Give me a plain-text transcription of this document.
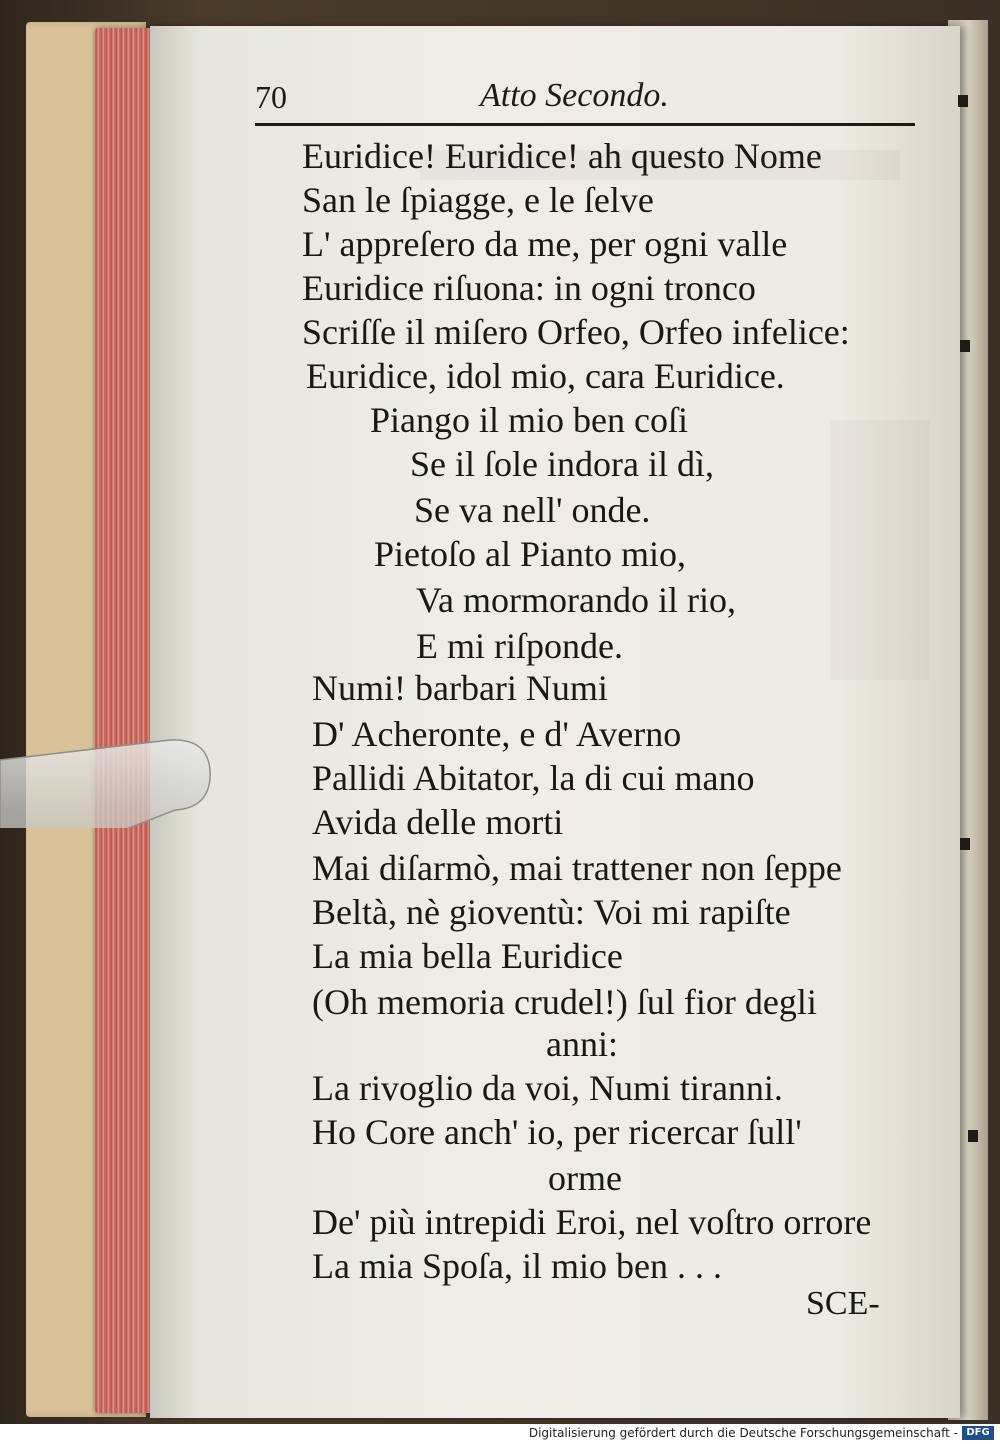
70	Atto Secondo.
Euridice! Euridice! ah questo Nome
San le ſpiagge, e le ſelve
L' appreſero da me, per ogni valle
Euridice riſuona: in ogni tronco
Scriſſe il miſero Orfeo, Orfeo infelice:
Euridice, idol mio, cara Euridice.
Piango il mio ben coſi
Se il ſole indora il dì,
Se va nell' onde.
Pietoſo al Pianto mio,
Va mormorando il rio,
E mi riſponde.
Numi! barbari Numi
D' Acheronte, e d' Averno
Pallidi Abitator, la di cui mano
Avida delle morti
Mai diſarmò, mai trattener non ſeppe
Beltà, nè gioventù: Voi mi rapiſte
La mia bella Euridice
(Oh memoria crudel!) ſul fior degli
anni:
La rivoglio da voi, Numi tiranni.
Ho Core anch' io, per ricercar ſull'
orme
De' più intrepidi Eroi, nel voſtro orrore
La mia Spoſa, il mio ben . . .
SCE-
Digitalisierung gefördert durch die Deutsche Forschungsgemeinschaft - DFG
